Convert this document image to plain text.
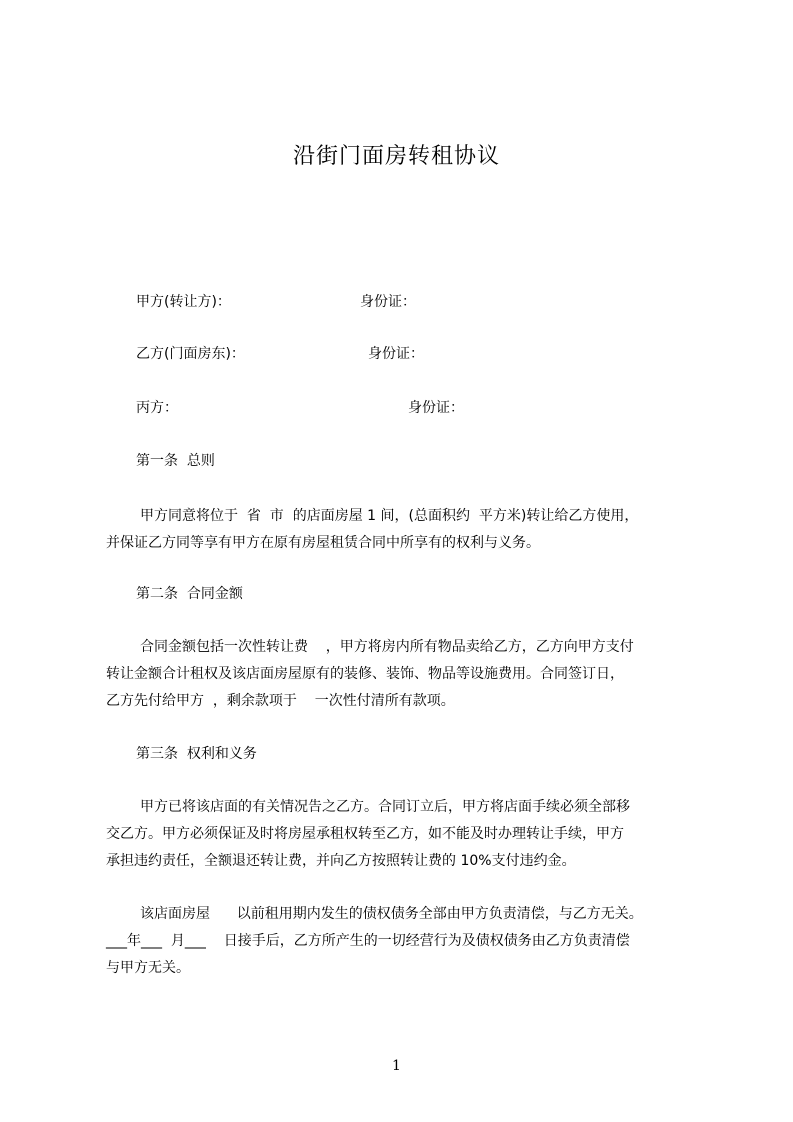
沿街门面房转租协议
甲方(转让方)：	身份证：
乙方(门面房东)：	身份证：
丙方：	身份证：
第一条  总则
甲方同意将位于  省  市  的店面房屋 1 间，(总面积约  平方米)转让给乙方使用，
并保证乙方同等享有甲方在原有房屋租赁合同中所享有的权利与义务。
第二条  合同金额
合同金额包括一次性转让费    ，甲方将房内所有物品卖给乙方，乙方向甲方支付
转让金额合计租权及该店面房屋原有的装修、装饰、物品等设施费用。合同签订日，
乙方先付给甲方  ，剩余款项于    一次性付清所有款项。
第三条  权利和义务
甲方已将该店面的有关情况告之乙方。合同订立后，甲方将店面手续必须全部移
交乙方。甲方必须保证及时将房屋承租权转至乙方，如不能及时办理转让手续，甲方
承担违约责任，全额退还转让费，并向乙方按照转让费的 10%支付违约金。
该店面房屋      以前租用期内发生的债权债务全部由甲方负责清偿，与乙方无关。
___年___  月___    日接手后，乙方所产生的一切经营行为及债权债务由乙方负责清偿
与甲方无关。
1
